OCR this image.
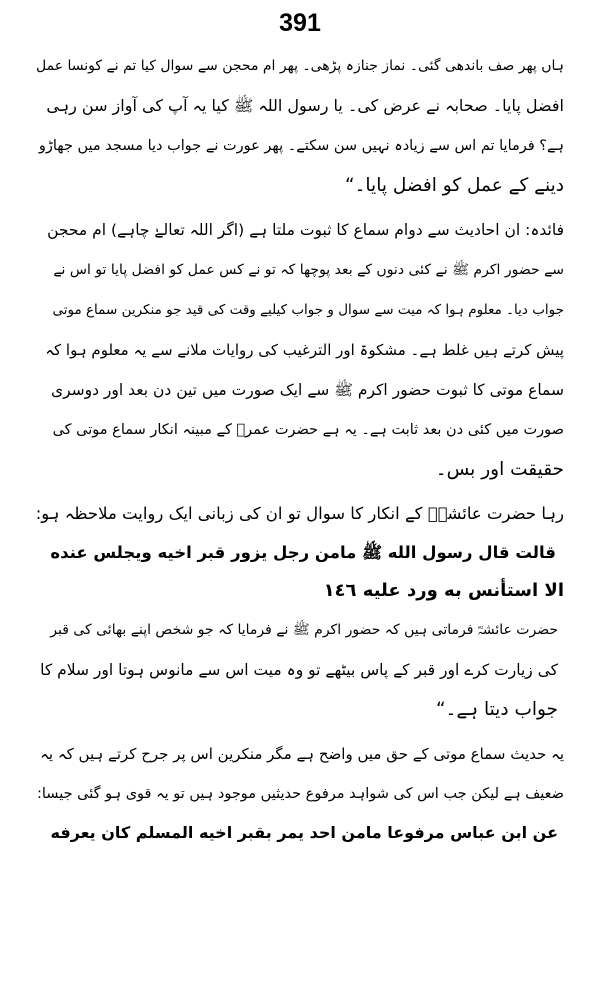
391
ہاں پھر صف باندھی گئی۔ نماز جنازہ پڑھی۔ پھر ام محجن سے سوال کیا تم نے کونسا عمل
افضل پایا۔ صحابہ نے عرض کی۔ یا رسول اللہ ﷺ کیا یہ آپ کی آواز سن رہی
ہے؟ فرمایا تم اس سے زیادہ نہیں سن سکتے۔ پھر عورت نے جواب دیا مسجد میں جھاڑو
دینے کے عمل کو افضل پایا۔“
فائدہ: ان احادیث سے دوام سماع کا ثبوت ملتا ہے (اگر اللہ تعالےٰ چاہے) ام محجن
سے حضور اکرم ﷺ نے کئی دنوں کے بعد پوچھا کہ تو نے کس عمل کو افضل پایا تو اس نے
جواب دیا۔ معلوم ہوا کہ میت سے سوال و جواب کیلیے وقت کی قید جو منکرین سماع موتی
پیش کرتے ہیں غلط ہے۔ مشکوۃ اور الترغیب کی روایات ملانے سے یہ معلوم ہوا کہ
سماع موتی کا ثبوت حضور اکرم ﷺ سے ایک صورت میں تین دن بعد اور دوسری
صورت میں کئی دن بعد ثابت ہے۔ یہ ہے حضرت عمرؓ کے مبینہ انکار سماع موتی کی
حقیقت اور بس۔
رہا حضرت عائشہؓ کے انکار کا سوال تو ان کی زبانی ایک روایت ملاحظہ ہو:
قالت قال رسول الله ﷺ مامن رجل يزور قبر اخيه ويجلس عنده
الا استأنس به ورد عليه ١٤٦
حضرت عائشہؓ فرماتی ہیں کہ حضور اکرم ﷺ نے فرمایا کہ جو شخص اپنے بھائی کی قبر
کی زیارت کرے اور قبر کے پاس بیٹھے تو وہ میت اس سے مانوس ہوتا اور سلام کا
جواب دیتا ہے۔“
یہ حدیث سماع موتی کے حق میں واضح ہے مگر منکرین اس پر جرح کرتے ہیں کہ یہ
ضعیف ہے لیکن جب اس کی شواہد مرفوع حدیثیں موجود ہیں تو یہ قوی ہو گئی جیسا:
عن ابن عباس مرفوعا مامن احد يمر بقبر اخيه المسلم كان يعرفه
